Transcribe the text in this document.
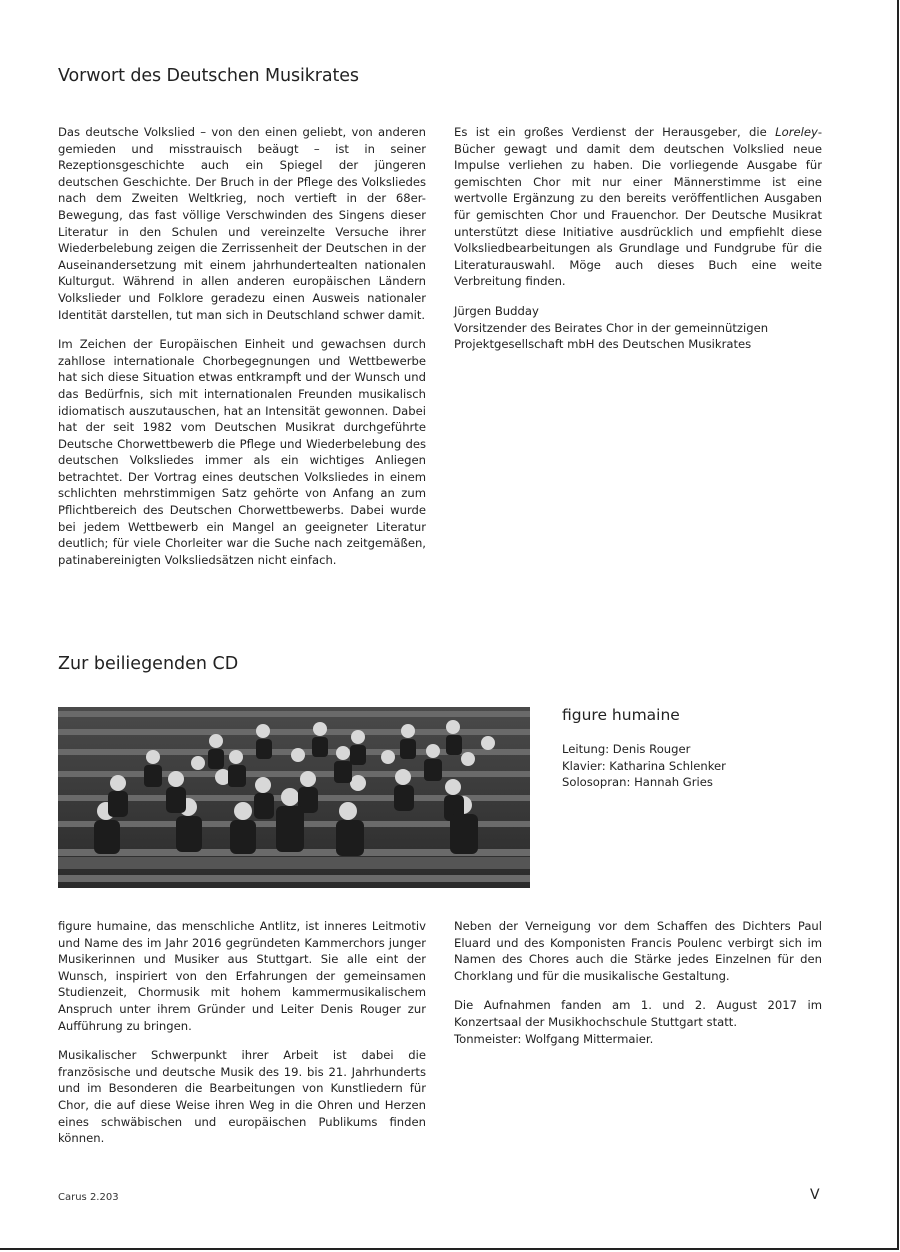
Vorwort des Deutschen Musikrates

Das deutsche Volkslied – von den einen geliebt, von anderen gemieden und misstrauisch beäugt – ist in seiner Rezeptionsgeschichte auch ein Spiegel der jüngeren deutschen Geschichte. Der Bruch in der Pflege des Volksliedes nach dem Zweiten Weltkrieg, noch vertieft in der 68er-Bewegung, das fast völlige Verschwinden des Singens dieser Literatur in den Schulen und vereinzelte Versuche ihrer Wiederbelebung zeigen die Zerrissenheit der Deutschen in der Auseinandersetzung mit einem jahrhundertealten nationalen Kulturgut. Während in allen anderen europäischen Ländern Volkslieder und Folklore geradezu einen Ausweis nationaler Identität darstellen, tut man sich in Deutschland schwer damit.

Im Zeichen der Europäischen Einheit und gewachsen durch zahllose internationale Chorbegegnungen und Wettbewerbe hat sich diese Situation etwas entkrampft und der Wunsch und das Bedürfnis, sich mit internationalen Freunden musikalisch idiomatisch auszutauschen, hat an Intensität gewonnen. Dabei hat der seit 1982 vom Deutschen Musikrat durchgeführte Deutsche Chorwettbewerb die Pflege und Wiederbelebung des deutschen Volksliedes immer als ein wichtiges Anliegen betrachtet. Der Vortrag eines deutschen Volksliedes in einem schlichten mehrstimmigen Satz gehörte von Anfang an zum Pflichtbereich des Deutschen Chorwettbewerbs. Dabei wurde bei jedem Wettbewerb ein Mangel an geeigneter Literatur deutlich; für viele Chorleiter war die Suche nach zeitgemäßen, patinabereinigten Volksliedsätzen nicht einfach.

Es ist ein großes Verdienst der Herausgeber, die Loreley-Bücher gewagt und damit dem deutschen Volkslied neue Impulse verliehen zu haben. Die vorliegende Ausgabe für gemischten Chor mit nur einer Männerstimme ist eine wertvolle Ergänzung zu den bereits veröffentlichen Ausgaben für gemischten Chor und Frauenchor. Der Deutsche Musikrat unterstützt diese Initiative ausdrücklich und empfiehlt diese Volksliedbearbeitungen als Grundlage und Fundgrube für die Literaturauswahl. Möge auch dieses Buch eine weite Verbreitung finden.

Jürgen Budday

Vorsitzender des Beirates Chor in der gemeinnützigen

Projektgesellschaft mbH des Deutschen Musikrates

Zur beiliegenden CD
figure humaine
Leitung: Denis Rouger
Klavier: Katharina Schlenker
Solosopran: Hannah Gries

figure humaine, das menschliche Antlitz, ist inneres Leitmotiv und Name des im Jahr 2016 gegründeten Kammerchors junger Musikerinnen und Musiker aus Stuttgart. Sie alle eint der Wunsch, inspiriert von den Erfahrungen der gemeinsamen Studienzeit, Chormusik mit hohem kammermusikalischem Anspruch unter ihrem Gründer und Leiter Denis Rouger zur Aufführung zu bringen.

Musikalischer Schwerpunkt ihrer Arbeit ist dabei die französische und deutsche Musik des 19. bis 21. Jahrhunderts und im Besonderen die Bearbeitungen von Kunstliedern für Chor, die auf diese Weise ihren Weg in die Ohren und Herzen eines schwäbischen und europäischen Publikums finden können.

Neben der Verneigung vor dem Schaffen des Dichters Paul Eluard und des Komponisten Francis Poulenc verbirgt sich im Namen des Chores auch die Stärke jedes Einzelnen für den Chorklang und für die musikalische Gestaltung.

Die Aufnahmen fanden am 1. und 2. August 2017 im Konzertsaal der Musikhochschule Stuttgart statt.

Tonmeister: Wolfgang Mittermaier.

Carus 2.203	V
